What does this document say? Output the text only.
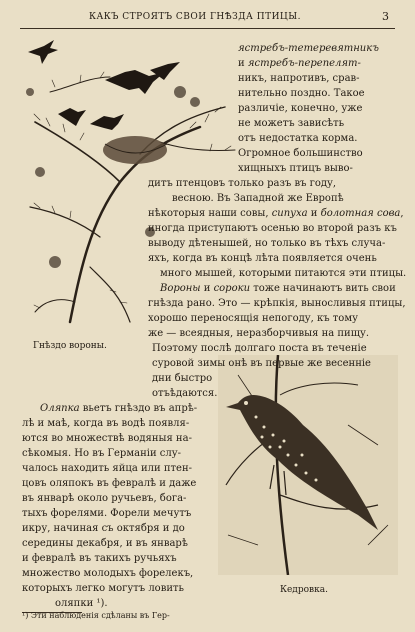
КАКЪ СТРОЯТЪ СВОИ ГНѢЗДА ПТИЦЫ.	3
Гнѣздо вороны.
Кедровка.
ястребъ-тетеревятникъ
и ястребъ-перепелят-
никъ, напротивъ, срав-
нительно поздно. Такое
различіе, конечно, уже
не можетъ зависѣть
отъ недостатка корма.
Огромное большинство
хищныхъ птицъ выво-
дитъ птенцовъ только разъ въ году,
весною. Въ Западной же Европѣ
нѣкоторыя наши совы, сипуха и болотная сова,
иногда приступаютъ осенью во второй разъ къ
выводу дѣтенышей, но только въ тѣхъ случа-
яхъ, когда въ концѣ лѣта появляется очень
много мышей, которыми питаются эти птицы.
Вороны и сороки тоже начинаютъ вить свои
гнѣзда рано. Это — крѣпкія, выносливыя птицы,
хорошо переносящія непогоду, къ тому
же — всеядныя, неразборчивыя на пищу.
Поэтому послѣ долгаго поста въ теченіе
суровой зимы онѣ въ первые же весенніе
дни быстро
отъѣдаются.
Оляпка вьетъ гнѣздо въ апрѣ-
лѣ и маѣ, когда въ водѣ появля-
ются во множествѣ водяныя на-
сѣкомыя. Но въ Германіи слу-
чалось находить яйца или птен-
цовъ оляпокъ въ февралѣ и даже
въ январѣ около ручьевъ, бога-
тыхъ форелями. Форели мечутъ
икру, начиная съ октября и до
середины декабря, и въ январѣ
и февралѣ въ такихъ ручьяхъ
множество молодыхъ форелекъ,
которыхъ легко могутъ ловить
оляпки ¹).
¹) Эти наблюденія сдѣланы въ Гер-
